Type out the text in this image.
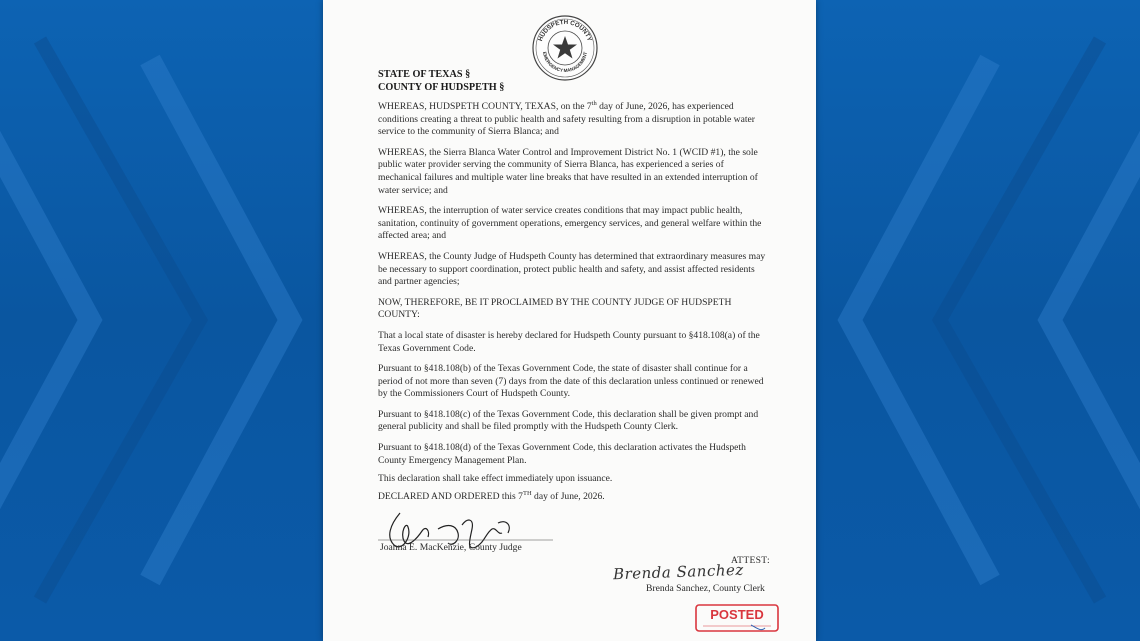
HUDSPETH COUNTY
EMERGENCY MANAGEMENT
STATE OF TEXAS §
COUNTY OF HUDSPETH §

WHEREAS, HUDSPETH COUNTY, TEXAS, on the 7th day of June, 2026, has experienced conditions creating a threat to public health and safety resulting from a disruption in potable water service to the community of Sierra Blanca; and

WHEREAS, the Sierra Blanca Water Control and Improvement District No. 1 (WCID #1), the sole public water provider serving the community of Sierra Blanca, has experienced a series of mechanical failures and multiple water line breaks that have resulted in an extended interruption of water service; and

WHEREAS, the interruption of water service creates conditions that may impact public health, sanitation, continuity of government operations, emergency services, and general welfare within the affected area; and

WHEREAS, the County Judge of Hudspeth County has determined that extraordinary measures may be necessary to support coordination, protect public health and safety, and assist affected residents and partner agencies;

NOW, THEREFORE, BE IT PROCLAIMED BY THE COUNTY JUDGE OF HUDSPETH COUNTY:

That a local state of disaster is hereby declared for Hudspeth County pursuant to §418.108(a) of the Texas Government Code.

Pursuant to §418.108(b) of the Texas Government Code, the state of disaster shall continue for a period of not more than seven (7) days from the date of this declaration unless continued or renewed by the Commissioners Court of Hudspeth County.

Pursuant to §418.108(c) of the Texas Government Code, this declaration shall be given prompt and general publicity and shall be filed promptly with the Hudspeth County Clerk.

Pursuant to §418.108(d) of the Texas Government Code, this declaration activates the Hudspeth County Emergency Management Plan.

This declaration shall take effect immediately upon issuance.

DECLARED AND ORDERED this 7TH day of June, 2026.

Joanna E. MacKenzie, County Judge
ATTEST:
Brenda Sanchez
Brenda Sanchez, County Clerk
POSTED
